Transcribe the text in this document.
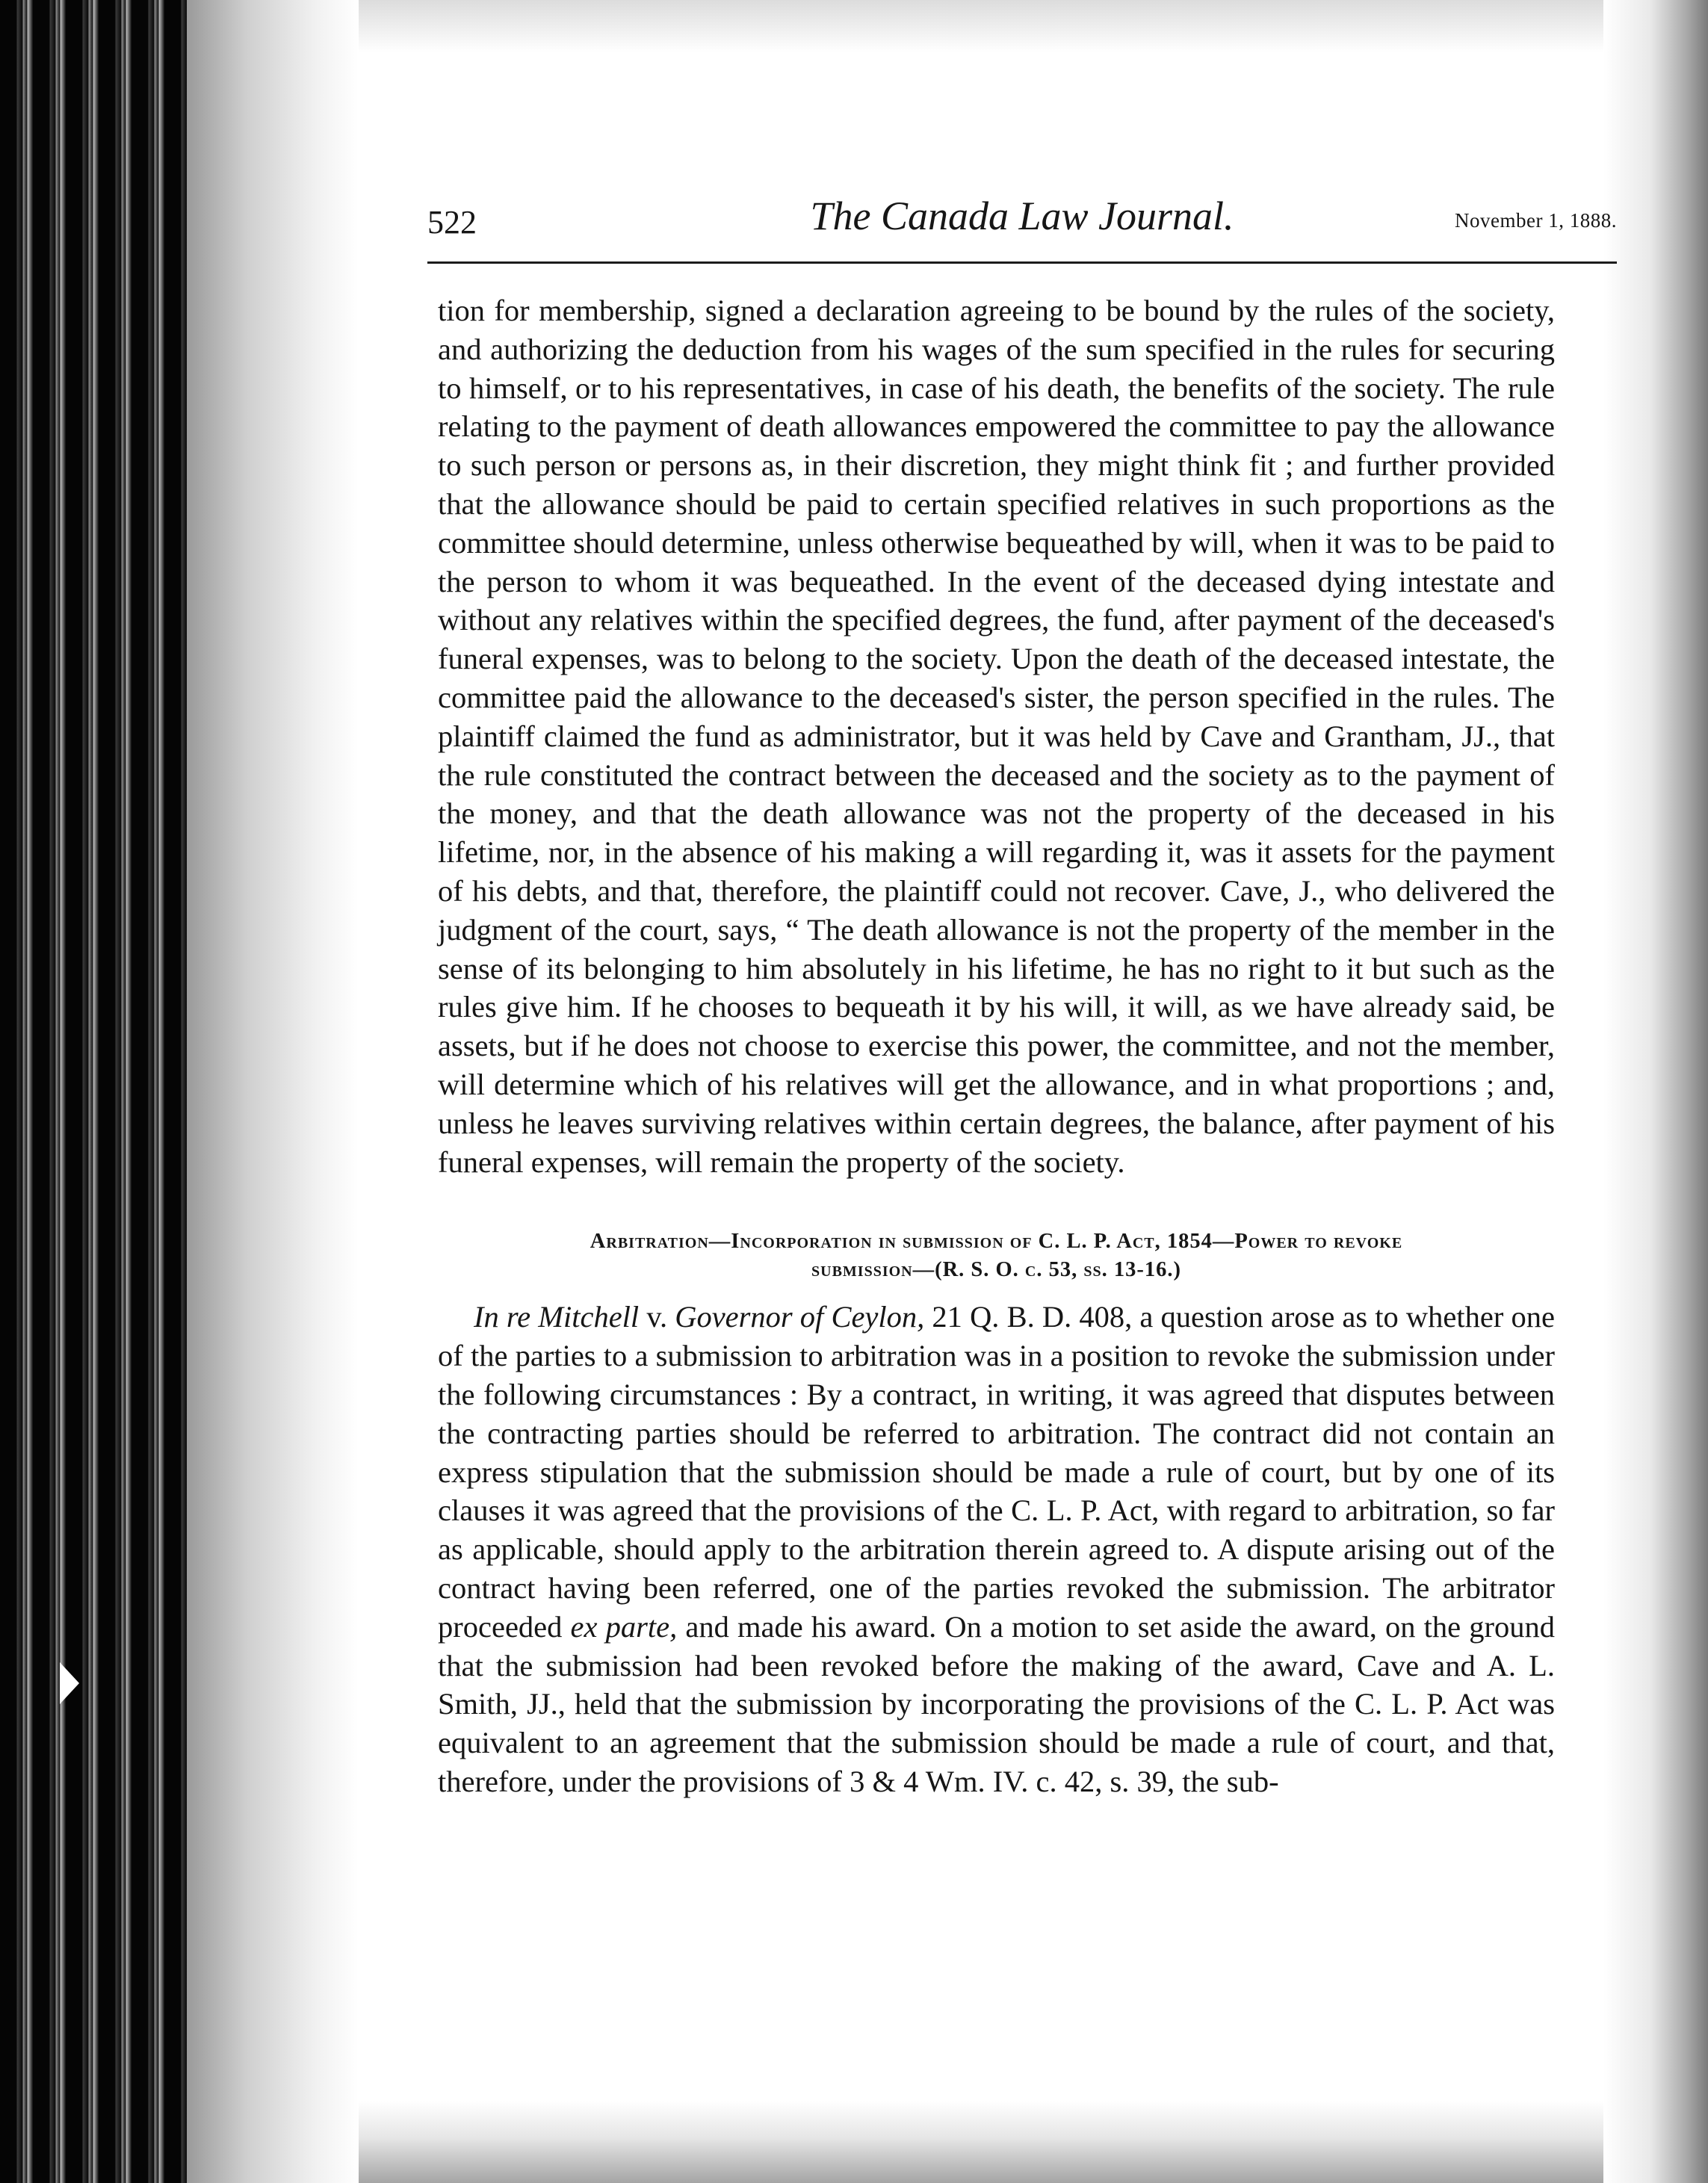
522	The Canada Law Journal.	November 1, 1888.

tion for membership, signed a declaration agreeing to be bound by the rules of the society, and authorizing the deduction from his wages of the sum specified in the rules for securing to himself, or to his representatives, in case of his death, the benefits of the society. The rule relating to the payment of death allowances empowered the committee to pay the allowance to such person or persons as, in their discretion, they might think fit ; and further provided that the allowance should be paid to certain specified relatives in such proportions as the committee should determine, unless otherwise bequeathed by will, when it was to be paid to the person to whom it was bequeathed. In the event of the deceased dying intestate and without any relatives within the specified degrees, the fund, after payment of the deceased's funeral expenses, was to belong to the society. Upon the death of the deceased intestate, the committee paid the allowance to the deceased's sister, the person specified in the rules. The plaintiff claimed the fund as administrator, but it was held by Cave and Grantham, JJ., that the rule constituted the contract between the deceased and the society as to the payment of the money, and that the death allowance was not the property of the deceased in his lifetime, nor, in the absence of his making a will regarding it, was it assets for the payment of his debts, and that, therefore, the plaintiff could not recover. Cave, J., who delivered the judgment of the court, says, “ The death allowance is not the property of the member in the sense of its belonging to him absolutely in his lifetime, he has no right to it but such as the rules give him. If he chooses to bequeath it by his will, it will, as we have already said, be assets, but if he does not choose to exercise this power, the committee, and not the member, will determine which of his relatives will get the allowance, and in what proportions ; and, unless he leaves surviving relatives within certain degrees, the balance, after payment of his funeral expenses, will remain the property of the society.

Arbitration—Incorporation in submission of C. L. P. Act, 1854—Power to revoke
submission—(R. S. O. c. 53, ss. 13-16.)

In re Mitchell v. Governor of Ceylon, 21 Q. B. D. 408, a question arose as to whether one of the parties to a submission to arbitration was in a position to revoke the submission under the following circumstances : By a contract, in writing, it was agreed that disputes between the contracting parties should be referred to arbitration. The contract did not contain an express stipulation that the submission should be made a rule of court, but by one of its clauses it was agreed that the provisions of the C. L. P. Act, with regard to arbitration, so far as applicable, should apply to the arbitration therein agreed to. A dispute arising out of the contract having been referred, one of the parties revoked the submission. The arbitrator proceeded ex parte, and made his award. On a motion to set aside the award, on the ground that the submission had been revoked before the making of the award, Cave and A. L. Smith, JJ., held that the submission by incorporating the provisions of the C. L. P. Act was equivalent to an agreement that the submission should be made a rule of court, and that, therefore, under the provisions of 3 & 4 Wm. IV. c. 42, s. 39, the sub-
